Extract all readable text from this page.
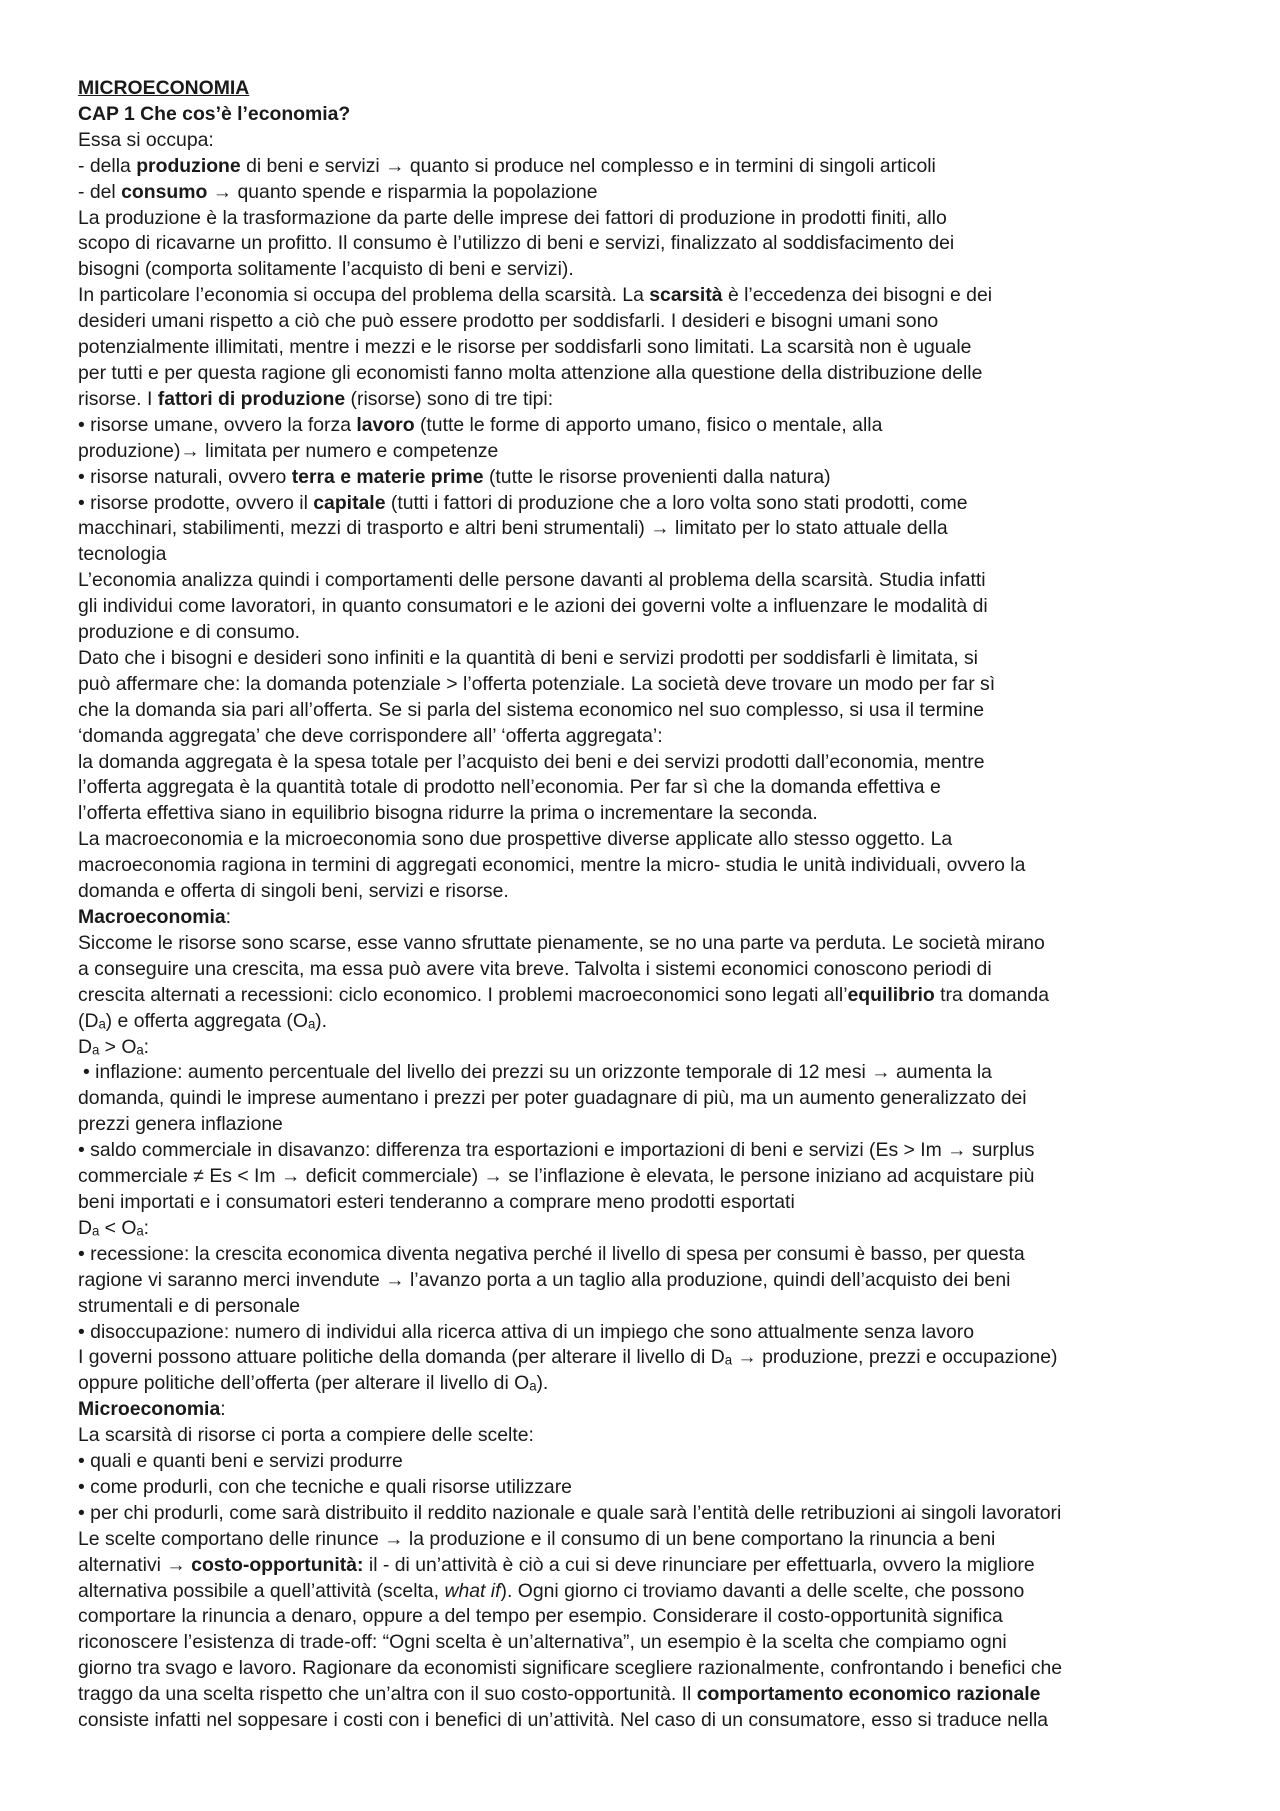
MICROECONOMIA
CAP 1 Che cos’è l’economia?
Essa si occupa:
- della produzione di beni e servizi → quanto si produce nel complesso e in termini di singoli articoli
- del consumo → quanto spende e risparmia la popolazione
La produzione è la trasformazione da parte delle imprese dei fattori di produzione in prodotti finiti, allo
scopo di ricavarne un profitto. Il consumo è l’utilizzo di beni e servizi, finalizzato al soddisfacimento dei
bisogni (comporta solitamente l’acquisto di beni e servizi).
In particolare l’economia si occupa del problema della scarsità. La scarsità è l’eccedenza dei bisogni e dei
desideri umani rispetto a ciò che può essere prodotto per soddisfarli. I desideri e bisogni umani sono
potenzialmente illimitati, mentre i mezzi e le risorse per soddisfarli sono limitati. La scarsità non è uguale
per tutti e per questa ragione gli economisti fanno molta attenzione alla questione della distribuzione delle
risorse. I fattori di produzione (risorse) sono di tre tipi:
• risorse umane, ovvero la forza lavoro (tutte le forme di apporto umano, fisico o mentale, alla
produzione)→ limitata per numero e competenze
• risorse naturali, ovvero terra e materie prime (tutte le risorse provenienti dalla natura)
• risorse prodotte, ovvero il capitale (tutti i fattori di produzione che a loro volta sono stati prodotti, come
macchinari, stabilimenti, mezzi di trasporto e altri beni strumentali) → limitato per lo stato attuale della
tecnologia
L’economia analizza quindi i comportamenti delle persone davanti al problema della scarsità. Studia infatti
gli individui come lavoratori, in quanto consumatori e le azioni dei governi volte a influenzare le modalità di
produzione e di consumo.
Dato che i bisogni e desideri sono infiniti e la quantità di beni e servizi prodotti per soddisfarli è limitata, si
può affermare che: la domanda potenziale > l’offerta potenziale. La società deve trovare un modo per far sì
che la domanda sia pari all’offerta. Se si parla del sistema economico nel suo complesso, si usa il termine
‘domanda aggregata’ che deve corrispondere all’ ‘offerta aggregata’:
la domanda aggregata è la spesa totale per l’acquisto dei beni e dei servizi prodotti dall’economia, mentre
l’offerta aggregata è la quantità totale di prodotto nell’economia. Per far sì che la domanda effettiva e
l’offerta effettiva siano in equilibrio bisogna ridurre la prima o incrementare la seconda.
La macroeconomia e la microeconomia sono due prospettive diverse applicate allo stesso oggetto. La
macroeconomia ragiona in termini di aggregati economici, mentre la micro- studia le unità individuali, ovvero la
domanda e offerta di singoli beni, servizi e risorse.
Macroeconomia:
Siccome le risorse sono scarse, esse vanno sfruttate pienamente, se no una parte va perduta. Le società mirano
a conseguire una crescita, ma essa può avere vita breve. Talvolta i sistemi economici conoscono periodi di
crescita alternati a recessioni: ciclo economico. I problemi macroeconomici sono legati all’equilibrio tra domanda
(Dₐ) e offerta aggregata (Oₐ).
Dₐ > Oₐ:
• inflazione: aumento percentuale del livello dei prezzi su un orizzonte temporale di 12 mesi → aumenta la
domanda, quindi le imprese aumentano i prezzi per poter guadagnare di più, ma un aumento generalizzato dei
prezzi genera inflazione
• saldo commerciale in disavanzo: differenza tra esportazioni e importazioni di beni e servizi (Es > Im → surplus
commerciale ≠ Es < Im → deficit commerciale) → se l’inflazione è elevata, le persone iniziano ad acquistare più
beni importati e i consumatori esteri tenderanno a comprare meno prodotti esportati
Dₐ < Oₐ:
• recessione: la crescita economica diventa negativa perché il livello di spesa per consumi è basso, per questa
ragione vi saranno merci invendute → l’avanzo porta a un taglio alla produzione, quindi dell’acquisto dei beni
strumentali e di personale
• disoccupazione: numero di individui alla ricerca attiva di un impiego che sono attualmente senza lavoro
I governi possono attuare politiche della domanda (per alterare il livello di Dₐ → produzione, prezzi e occupazione)
oppure politiche dell’offerta (per alterare il livello di Oₐ).
Microeconomia:
La scarsità di risorse ci porta a compiere delle scelte:
• quali e quanti beni e servizi produrre
• come produrli, con che tecniche e quali risorse utilizzare
• per chi produrli, come sarà distribuito il reddito nazionale e quale sarà l’entità delle retribuzioni ai singoli lavoratori
Le scelte comportano delle rinunce → la produzione e il consumo di un bene comportano la rinuncia a beni
alternativi → costo-opportunità: il - di un’attività è ciò a cui si deve rinunciare per effettuarla, ovvero la migliore
alternativa possibile a quell’attività (scelta, what if). Ogni giorno ci troviamo davanti a delle scelte, che possono
comportare la rinuncia a denaro, oppure a del tempo per esempio. Considerare il costo-opportunità significa
riconoscere l’esistenza di trade-off: “Ogni scelta è un’alternativa”, un esempio è la scelta che compiamo ogni
giorno tra svago e lavoro. Ragionare da economisti significare scegliere razionalmente, confrontando i benefici che
traggo da una scelta rispetto che un’altra con il suo costo-opportunità. Il comportamento economico razionale
consiste infatti nel soppesare i costi con i benefici di un’attività. Nel caso di un consumatore, esso si traduce nella
